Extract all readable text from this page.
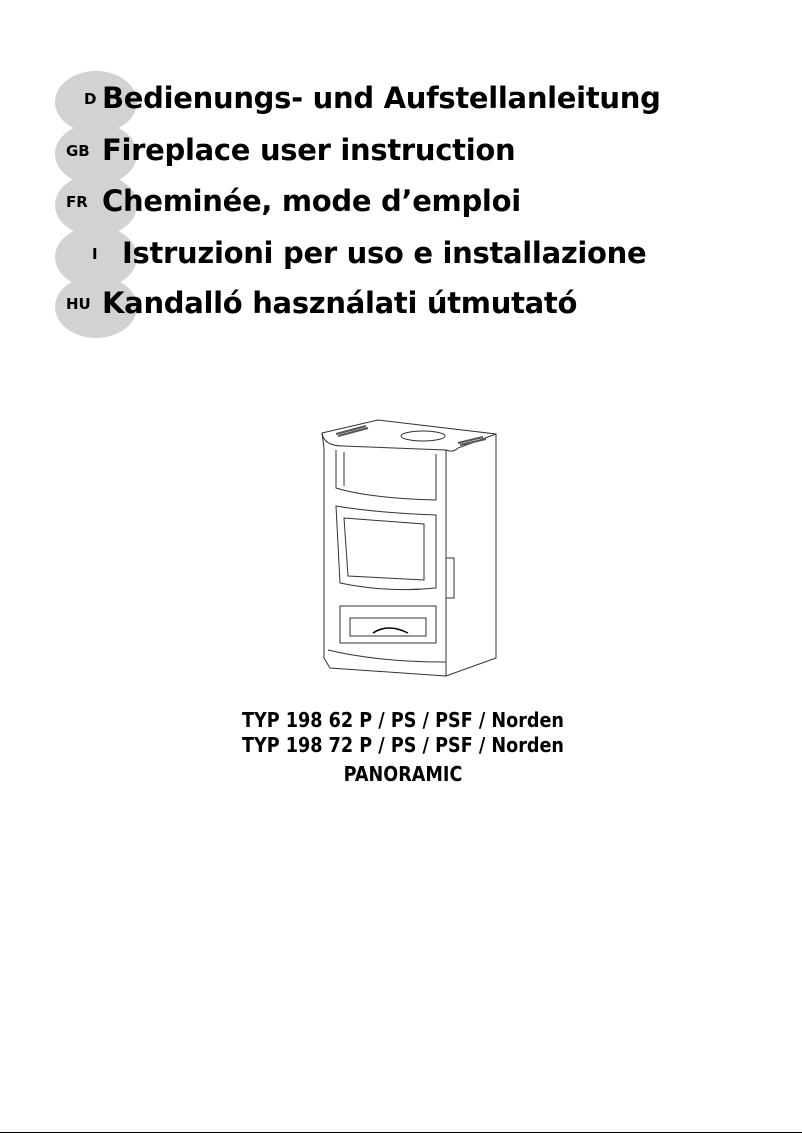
D Bedienungs- und Aufstellanleitung
GB Fireplace user instruction
FR Cheminée, mode d’emploi
I Istruzioni per uso e installazione
HU Kandalló használati útmutató
TYP 198 62 P / PS / PSF / Norden
TYP 198 72 P / PS / PSF / Norden
PANORAMIC
